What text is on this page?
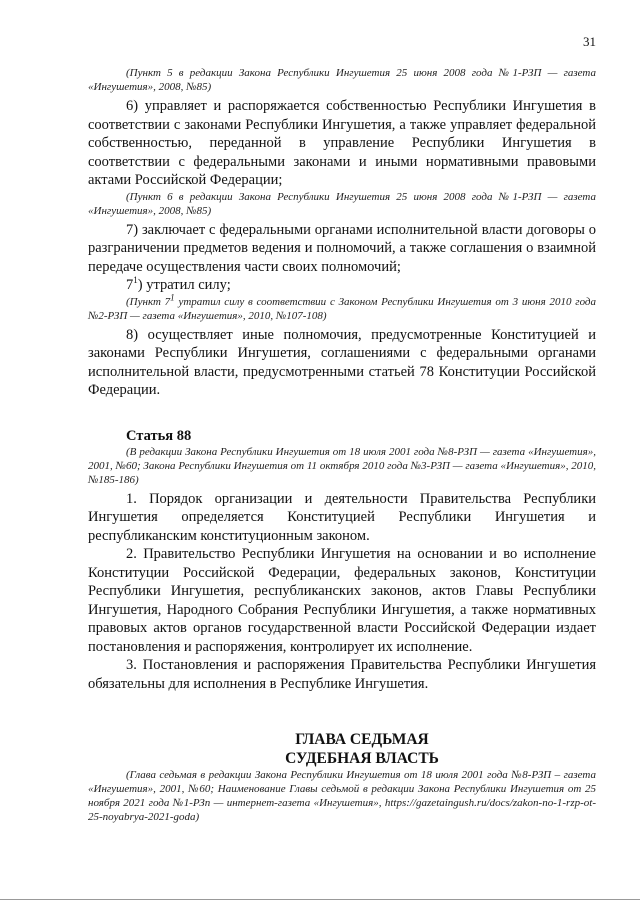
31
(Пункт 5 в редакции Закона Республики Ингушетия 25 июня 2008 года №1-РЗП — газета «Ингушетия», 2008, №85)
6) управляет и распоряжается собственностью Республики Ингушетия в соответствии с законами Республики Ингушетия, а также управляет федеральной собственностью, переданной в управление Республики Ингушетия в соответствии с федеральными законами и иными нормативными правовыми актами Российской Федерации;
(Пункт 6 в редакции Закона Республики Ингушетия 25 июня 2008 года №1-РЗП — газета «Ингушетия», 2008, №85)
7) заключает с федеральными органами исполнительной власти договоры о разграничении предметов ведения и полномочий, а также соглашения о взаимной передаче осуществления части своих полномочий;
$7^1$) утратил силу;
(Пункт $7^1$ утратил силу в соответствии с Законом Республики Ингушетия от 3 июня 2010 года №2-РЗП — газета «Ингушетия», 2010, №107-108)
8) осуществляет иные полномочия, предусмотренные Конституцией и законами Республики Ингушетия, соглашениями с федеральными органами исполнительной власти, предусмотренными статьей 78 Конституции Российской Федерации.
Статья 88
(В редакции Закона Республики Ингушетия от 18 июля 2001 года №8-РЗП — газета «Ингушетия», 2001, №60; Закона Республики Ингушетия от 11 октября 2010 года №3-РЗП — газета «Ингушетия», 2010, №185-186)
1. Порядок организации и деятельности Правительства Республики Ингушетия определяется Конституцией Республики Ингушетия и республиканским конституционным законом.
2. Правительство Республики Ингушетия на основании и во исполнение Конституции Российской Федерации, федеральных законов, Конституции Республики Ингушетия, республиканских законов, актов Главы Республики Ингушетия, Народного Собрания Республики Ингушетия, а также нормативных правовых актов органов государственной власти Российской Федерации издает постановления и распоряжения, контролирует их исполнение.
3. Постановления и распоряжения Правительства Республики Ингушетия обязательны для исполнения в Республике Ингушетия.
ГЛАВА СЕДЬМАЯ
СУДЕБНАЯ ВЛАСТЬ
(Глава седьмая в редакции Закона Республики Ингушетия от 18 июля 2001 года №8-РЗП – газета «Ингушетия», 2001, №60; Наименование Главы седьмой в редакции Закона Республики Ингушетия от 25 ноября 2021 года №1-РЗп — интернет-газета «Ингушетия», https://gazetaingush.ru/docs/zakon-no-1-rzp-ot-25-noyabrya-2021-goda)
